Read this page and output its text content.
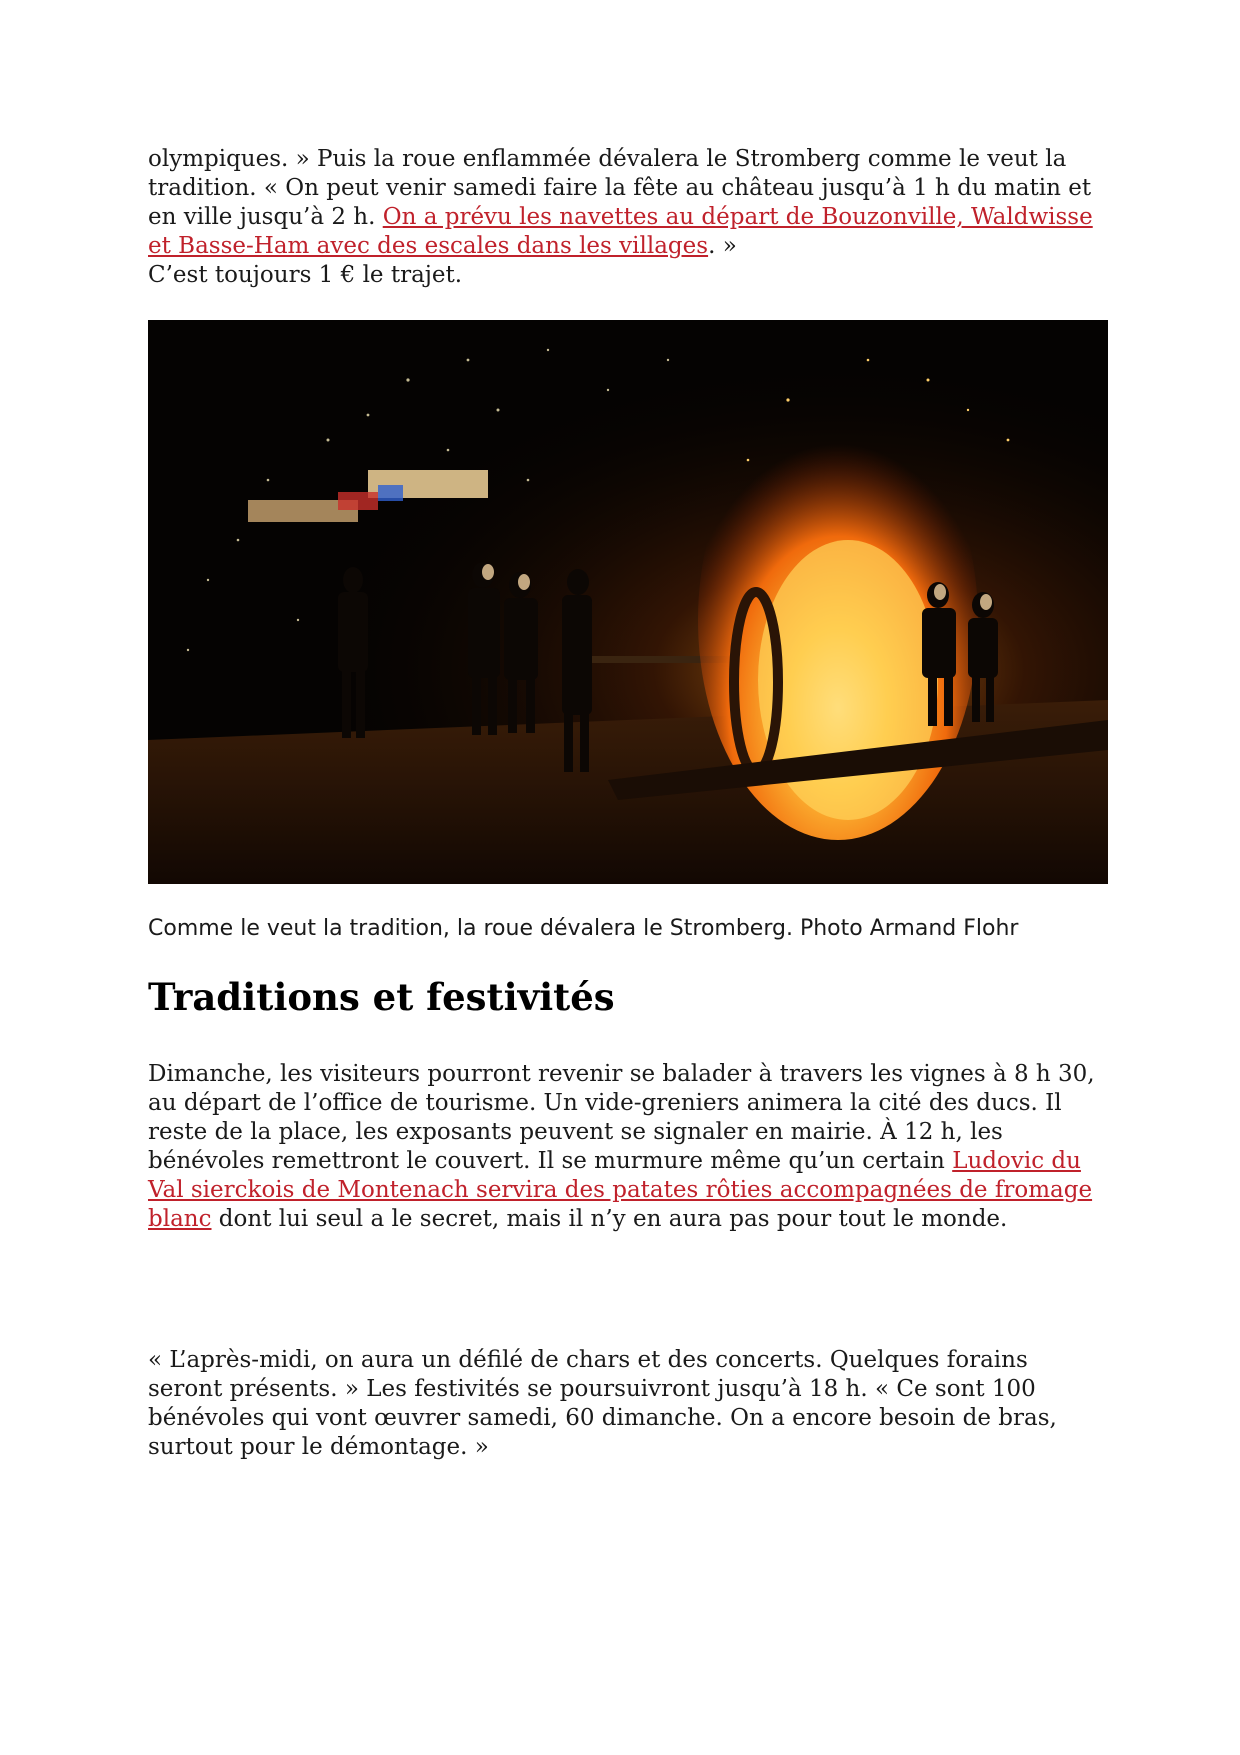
olympiques. » Puis la roue enflammée dévalera le Stromberg comme le veut la tradition. « On peut venir samedi faire la fête au château jusqu’à 1 h du matin et en ville jusqu’à 2 h. On a prévu les navettes au départ de Bouzonville, Waldwisse et Basse-Ham avec des escales dans les villages. »
C’est toujours 1 € le trajet.

Comme le veut la tradition, la roue dévalera le Stromberg. Photo Armand Flohr
Traditions et festivités

Dimanche, les visiteurs pourront revenir se balader à travers les vignes à 8 h 30, au départ de l’office de tourisme. Un vide-greniers animera la cité des ducs. Il reste de la place, les exposants peuvent se signaler en mairie. À 12 h, les bénévoles remettront le couvert. Il se murmure même qu’un certain Ludovic du Val sierckois de Montenach servira des patates rôties accompagnées de fromage blanc dont lui seul a le secret, mais il n’y en aura pas pour tout le monde.

« L’après-midi, on aura un défilé de chars et des concerts. Quelques forains seront présents. » Les festivités se poursuivront jusqu’à 18 h. « Ce sont 100 bénévoles qui vont œuvrer samedi, 60 dimanche. On a encore besoin de bras, surtout pour le démontage. »
